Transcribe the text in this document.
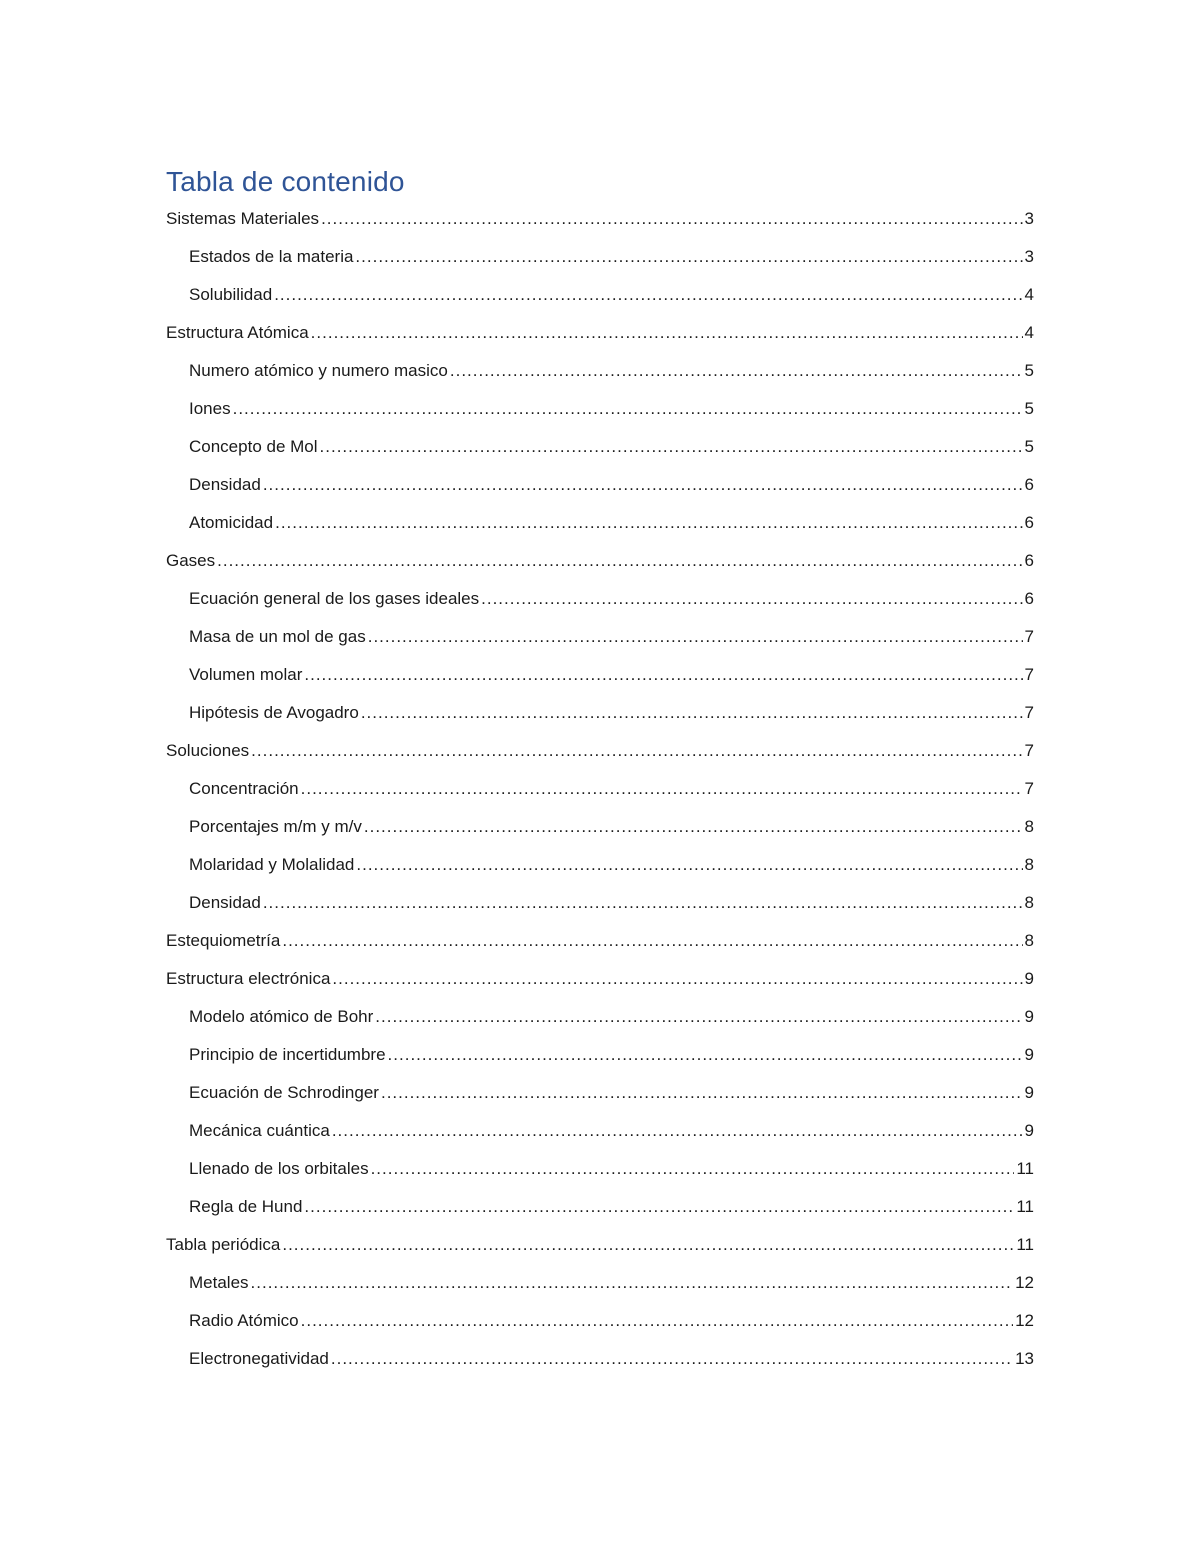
Tabla de contenido
Sistemas Materiales .....	3
Estados de la materia .....	3
Solubilidad .....	4
Estructura Atómica .....	4
Numero atómico y numero masico .....	5
Iones .....	5
Concepto de Mol .....	5
Densidad .....	6
Atomicidad .....	6
Gases .....	6
Ecuación general de los gases ideales .....	6
Masa de un mol de gas .....	7
Volumen molar .....	7
Hipótesis de Avogadro .....	7
Soluciones .....	7
Concentración .....	7
Porcentajes m/m y m/v .....	8
Molaridad y Molalidad .....	8
Densidad .....	8
Estequiometría .....	8
Estructura electrónica .....	9
Modelo atómico de Bohr .....	9
Principio de incertidumbre .....	9
Ecuación de Schrodinger .....	9
Mecánica cuántica .....	9
Llenado de los orbitales .....	11
Regla de Hund .....	11
Tabla periódica .....	11
Metales .....	12
Radio Atómico .....	12
Electronegatividad .....	13
